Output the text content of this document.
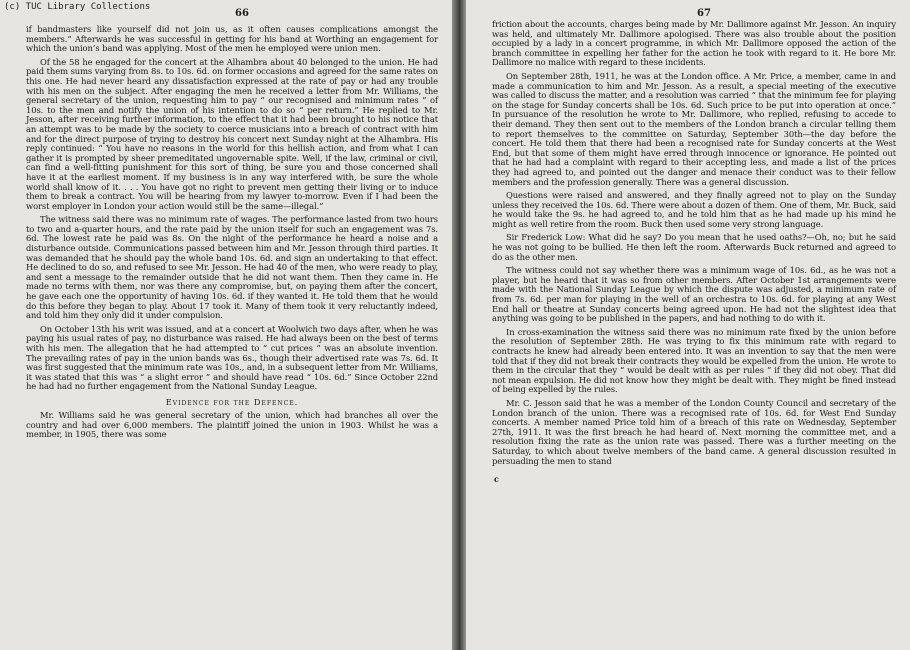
(c) TUC Library Collections
66

if bandmasters like yourself did not join us, as it often causes complications amongst the members.” Afterwards he was successful in getting for his band at Worthing an engagement for which the union’s band was applying. Most of the men he employed were union men.

Of the 58 he engaged for the concert at the Alhambra about 40 belonged to the union. He had paid them sums varying from 8s. to 10s. 6d. on former occasions and agreed for the same rates on this one. He had never heard any dissatisfaction expressed at the rate of pay or had any trouble with his men on the subject. After engaging the men he received a letter from Mr. Williams, the general secretary of the union, requesting him to pay “ our recognised and minimum rates ” of 10s. to the men and notify the union of his intention to do so “ per return.” He replied to Mr. Jesson, after receiving further information, to the effect that it had been brought to his notice that an attempt was to be made by the society to coerce musicians into a breach of contract with him and for the direct purpose of trying to destroy his concert next Sunday night at the Alhambra. His reply continued: “ You have no reasons in the world for this hellish action, and from what I can gather it is prompted by sheer premeditated ungovernable spite. Well, if the law, criminal or civil, can find a well-fitting punishment for this sort of thing, be sure you and those concerned shall have it at the earliest moment. If my business is in any way interfered with, be sure the whole world shall know of it. . . . You have got no right to prevent men getting their living or to induce them to break a contract. You will be hearing from my lawyer to-morrow. Even if I had been the worst employer in London your action would still be the same—illegal.”

The witness said there was no minimum rate of wages. The performance lasted from two hours to two and a-quarter hours, and the rate paid by the union itself for such an engagement was 7s. 6d. The lowest rate he paid was 8s. On the night of the performance he heard a noise and a disturbance outside. Communications passed between him and Mr. Jesson through third parties. It was demanded that he should pay the whole band 10s. 6d. and sign an undertaking to that effect. He declined to do so, and refused to see Mr. Jesson. He had 40 of the men, who were ready to play, and sent a message to the remainder outside that he did not want them. Then they came in. He made no terms with them, nor was there any compromise, but, on paying them after the concert, he gave each one the opportunity of having 10s. 6d. if they wanted it. He told them that he would do this before they began to play. About 17 took it. Many of them took it very reluctantly indeed, and told him they only did it under compulsion.

On October 13th his writ was issued, and at a concert at Woolwich two days after, when he was paying his usual rates of pay, no disturbance was raised. He had always been on the best of terms with his men. The allegation that he had attempted to “ cut prices ” was an absolute invention. The prevailing rates of pay in the union bands was 6s., though their advertised rate was 7s. 6d. It was first suggested that the minimum rate was 10s., and, in a subsequent letter from Mr. Williams, it was stated that this was “ a slight error ” and should have read “ 10s. 6d.” Since October 22nd he had had no further engagement from the National Sunday League.

Evidence for the Defence.

Mr. Williams said he was general secretary of the union, which had branches all over the country and had over 6,000 members. The plaintiff joined the union in 1903. Whilst he was a member, in 1905, there was some

67

friction about the accounts, charges being made by Mr. Dallimore against Mr. Jesson. An inquiry was held, and ultimately Mr. Dallimore apologised. There was also trouble about the position occupied by a lady in a concert programme, in which Mr. Dallimore opposed the action of the branch committee in expelling her father for the action he took with regard to it. He bore Mr. Dallimore no malice with regard to these incidents.

On September 28th, 1911, he was at the London office. A Mr. Price, a member, came in and made a communication to him and Mr. Jesson. As a result, a special meeting of the executive was called to discuss the matter, and a resolution was carried “ that the minimum fee for playing on the stage for Sunday concerts shall be 10s. 6d. Such price to be put into operation at once.” In pursuance of the resolution he wrote to Mr. Dallimore, who replied, refusing to accede to their demand. They then sent out to the members of the London branch a circular telling them to report themselves to the committee on Saturday, September 30th—the day before the concert. He told them that there had been a recognised rate for Sunday concerts at the West End, but that some of them might have erred through innocence or ignorance. He pointed out that he had had a complaint with regard to their accepting less, and made a list of the prices they had agreed to, and pointed out the danger and menace their conduct was to their fellow members and the profession generally. There was a general discussion.

Questions were raised and answered, and they finally agreed not to play on the Sunday unless they received the 10s. 6d. There were about a dozen of them. One of them, Mr. Buck, said he would take the 9s. he had agreed to, and he told him that as he had made up his mind he might as well retire from the room. Buck then used some very strong language.

Sir Frederick Low: What did he say? Do you mean that he used oaths?—Oh, no; but he said he was not going to be bullied. He then left the room. Afterwards Buck returned and agreed to do as the other men.

The witness could not say whether there was a minimum wage of 10s. 6d., as he was not a player, but he heard that it was so from other members. After October 1st arrangements were made with the National Sunday League by which the dispute was adjusted, a minimum rate of from 7s. 6d. per man for playing in the well of an orchestra to 10s. 6d. for playing at any West End hall or theatre at Sunday concerts being agreed upon. He had not the slightest idea that anything was going to be published in the papers, and had nothing to do with it.

In cross-examination the witness said there was no minimum rate fixed by the union before the resolution of September 28th. He was trying to fix this minimum rate with regard to contracts he knew had already been entered into. It was an invention to say that the men were told that if they did not break their contracts they would be expelled from the union. He wrote to them in the circular that they “ would be dealt with as per rules ” if they did not obey. That did not mean expulsion. He did not know how they might be dealt with. They might be fined instead of being expelled by the rules.

Mr. C. Jesson said that he was a member of the London County Council and secretary of the London branch of the union. There was a recognised rate of 10s. 6d. for West End Sunday concerts. A member named Price told him of a breach of this rate on Wednesday, September 27th, 1911. It was the first breach he had heard of. Next morning the committee met, and a resolution fixing the rate as the union rate was passed. There was a further meeting on the Saturday, to which about twelve members of the band came. A general discussion resulted in persuading the men to stand

c
